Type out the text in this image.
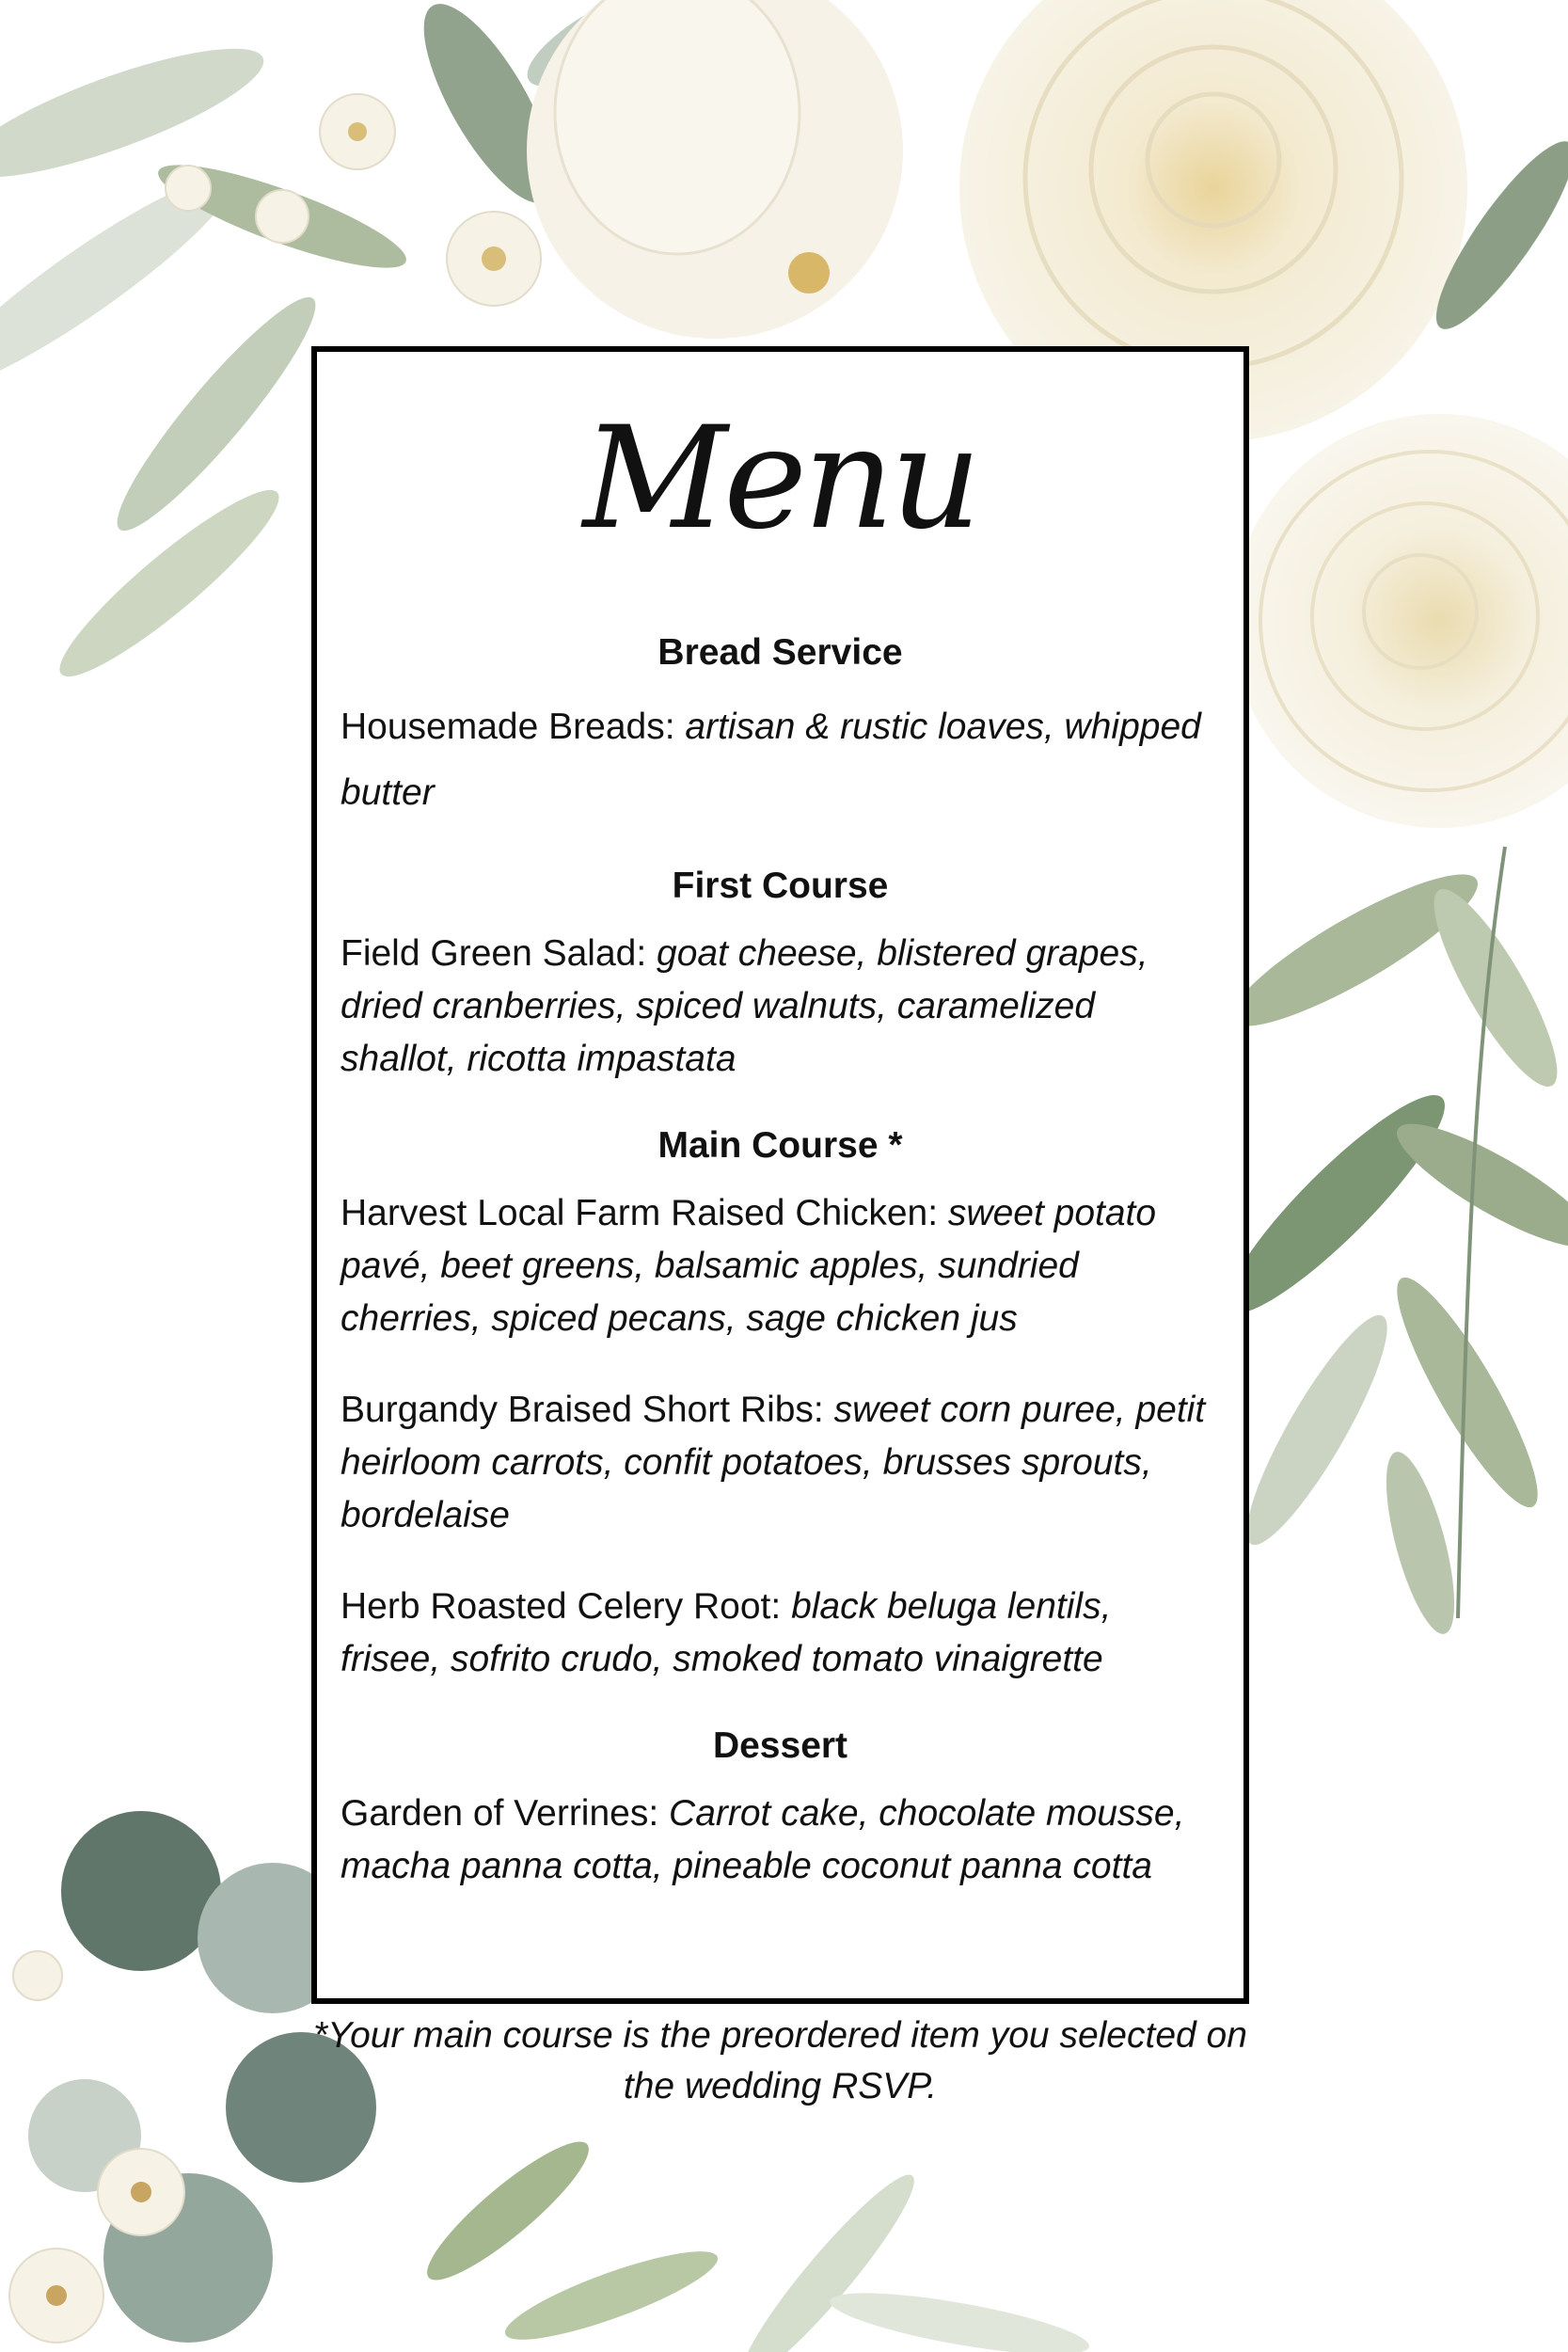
Menu
Bread Service
Housemade Breads: artisan & rustic loaves, whipped butter
First Course
Field Green Salad: goat cheese, blistered grapes, dried cranberries, spiced walnuts, caramelized shallot, ricotta impastata
Main Course *
Harvest Local Farm Raised Chicken: sweet potato pavé, beet greens, balsamic apples, sundried cherries, spiced pecans, sage chicken jus
Burgandy Braised Short Ribs: sweet corn puree, petit heirloom carrots, confit potatoes, brusses sprouts, bordelaise
Herb Roasted Celery Root: black beluga lentils, frisee, sofrito crudo, smoked tomato vinaigrette
Dessert
Garden of Verrines: Carrot cake, chocolate mousse, macha panna cotta, pineable coconut panna cotta
*Your main course is the preordered item you selected on the wedding RSVP.
